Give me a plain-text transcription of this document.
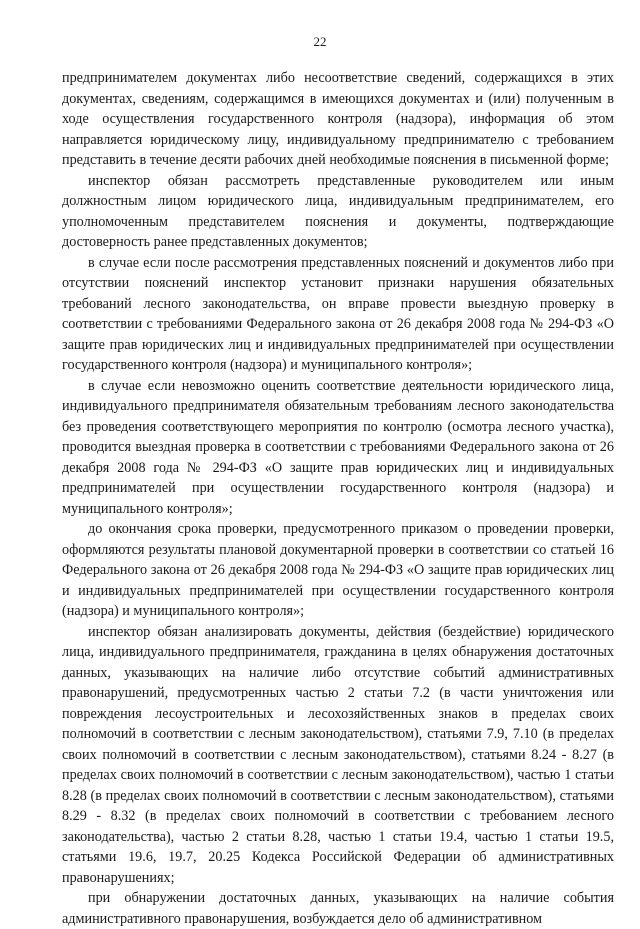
22

предпринимателем документах либо несоответствие сведений, содержащихся в этих документах, сведениям, содержащимся в имеющихся документах и (или) полученным в ходе осуществления государственного контроля (надзора), информация об этом направляется юридическому лицу, индивидуальному предпринимателю с требованием представить в течение десяти рабочих дней необходимые пояснения в письменной форме;

инспектор обязан рассмотреть представленные руководителем или иным должностным лицом юридического лица, индивидуальным предпринимателем, его уполномоченным представителем пояснения и документы, подтверждающие достоверность ранее представленных документов;

в случае если после рассмотрения представленных пояснений и документов либо при отсутствии пояснений инспектор установит признаки нарушения обязательных требований лесного законодательства, он вправе провести выездную проверку в соответствии с требованиями Федерального закона от 26 декабря 2008 года № 294-ФЗ «О защите прав юридических лиц и индивидуальных предпринимателей при осуществлении государственного контроля (надзора) и муниципального контроля»;

в случае если невозможно оценить соответствие деятельности юридического лица, индивидуального предпринимателя обязательным требованиям лесного законодательства без проведения соответствующего мероприятия по контролю (осмотра лесного участка), проводится выездная проверка в соответствии с требованиями Федерального закона от 26 декабря 2008 года № 294-ФЗ «О защите прав юридических лиц и индивидуальных предпринимателей при осуществлении государственного контроля (надзора) и муниципального контроля»;

до окончания срока проверки, предусмотренного приказом о проведении проверки, оформляются результаты плановой документарной проверки в соответствии со статьей 16 Федерального закона от 26 декабря 2008 года № 294-ФЗ «О защите прав юридических лиц и индивидуальных предпринимателей при осуществлении государственного контроля (надзора) и муниципального контроля»;

инспектор обязан анализировать документы, действия (бездействие) юридического лица, индивидуального предпринимателя, гражданина в целях обнаружения достаточных данных, указывающих на наличие либо отсутствие событий административных правонарушений, предусмотренных частью 2 статьи 7.2 (в части уничтожения или повреждения лесоустроительных и лесохозяйственных знаков в пределах своих полномочий в соответствии с лесным законодательством), статьями 7.9, 7.10 (в пределах своих полномочий в соответствии с лесным законодательством), статьями 8.24 - 8.27 (в пределах своих полномочий в соответствии с лесным законодательством), частью 1 статьи 8.28 (в пределах своих полномочий в соответствии с лесным законодательством), статьями 8.29 - 8.32 (в пределах своих полномочий в соответствии с требованием лесного законодательства), частью 2 статьи 8.28, частью 1 статьи 19.4, частью 1 статьи 19.5, статьями 19.6, 19.7, 20.25 Кодекса Российской Федерации об административных правонарушениях;

при обнаружении достаточных данных, указывающих на наличие события административного правонарушения, возбуждается дело об административном
